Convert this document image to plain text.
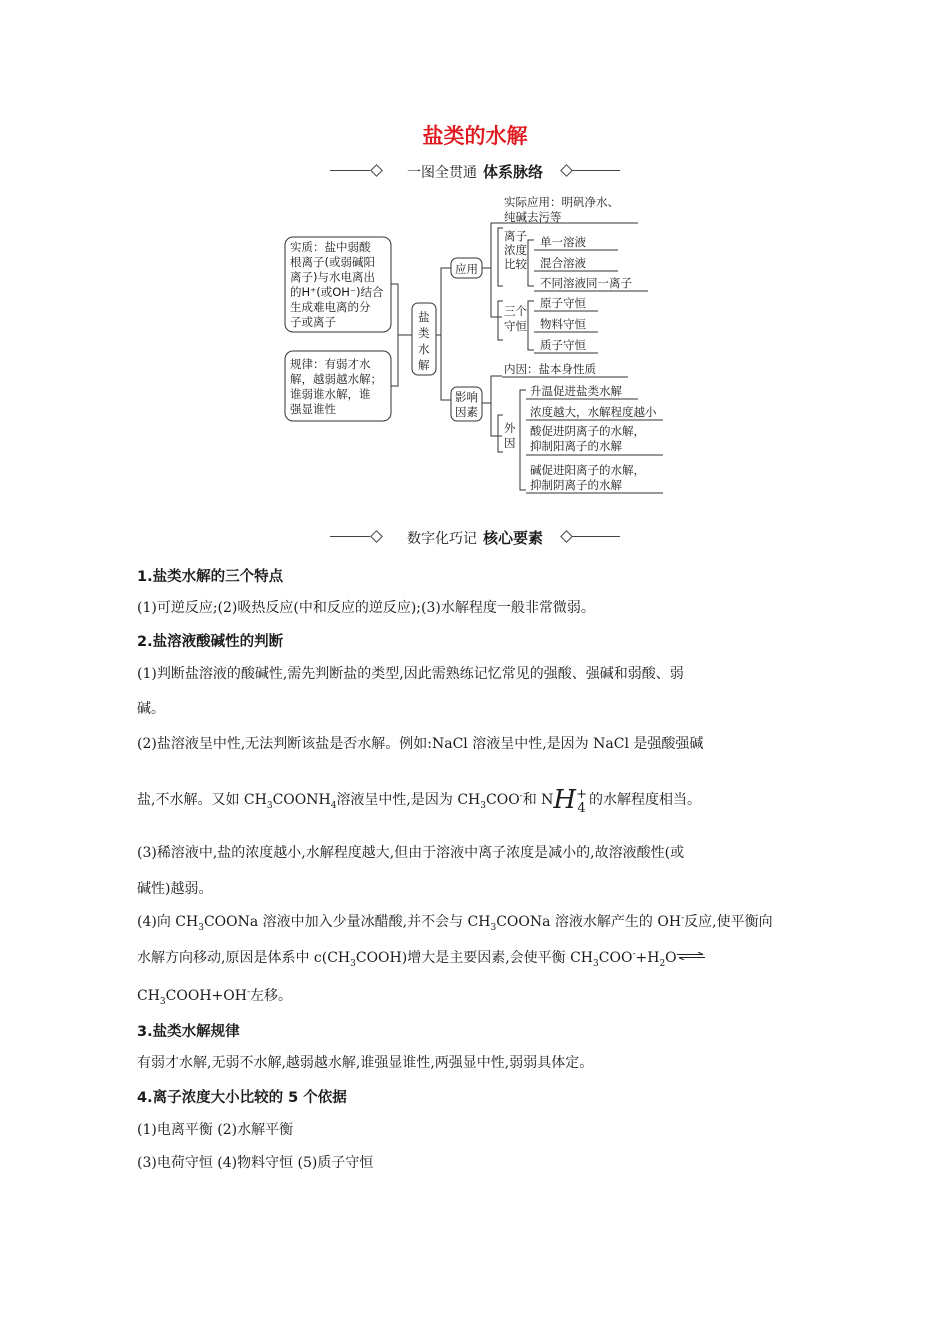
盐类的水解
一图全贯通 体系脉络
实质：盐中弱酸
根离子(或弱碱阳
离子)与水电离出
的H⁺(或OH⁻)结合
生成难电离的分
子或离子
规律：有弱才水
解，越弱越水解；
谁弱谁水解，谁
强显谁性
盐
类
水
解
应用
影响
因素
实际应用：明矾净水、
纯碱去污等
离子
浓度
比较
单一溶液
混合溶液
不同溶液同一离子
三个
守恒
原子守恒
物料守恒
质子守恒
内因：盐本身性质
外
因
升温促进盐类水解
浓度越大，水解程度越小
酸促进阴离子的水解，
抑制阳离子的水解
碱促进阳离子的水解，
抑制阴离子的水解
数字化巧记 核心要素
1.盐类水解的三个特点
(1)可逆反应;(2)吸热反应(中和反应的逆反应);(3)水解程度一般非常微弱。
2.盐溶液酸碱性的判断
(1)判断盐溶液的酸碱性,需先判断盐的类型,因此需熟练记忆常见的强酸、强碱和弱酸、弱
碱。
(2)盐溶液呈中性,无法判断该盐是否水解。例如:NaCl 溶液呈中性,是因为 NaCl 是强酸强碱
盐,不水解。又如 $CH_3COONH_4$溶液呈中性,是因为 $CH_3COO^-$和 NH+
4的水解程度相当。
(3)稀溶液中,盐的浓度越小,水解程度越大,但由于溶液中离子浓度是减小的,故溶液酸性(或
碱性)越弱。
(4)向 $CH_3COONa$ 溶液中加入少量冰醋酸,并不会与 $CH_3COONa$ 溶液水解产生的 OH-反应,使平衡向
水解方向移动,原因是体系中 $c(CH_3COOH)$增大是主要因素,会使平衡 $CH_3COO^-+H_2O\rightleftharpoons$
$CH_3COOH+OH^-$左移。
3.盐类水解规律
有弱才水解,无弱不水解,越弱越水解,谁强显谁性,两强显中性,弱弱具体定。
4.离子浓度大小比较的 5 个依据
(1)电离平衡 (2)水解平衡
(3)电荷守恒 (4)物料守恒 (5)质子守恒
